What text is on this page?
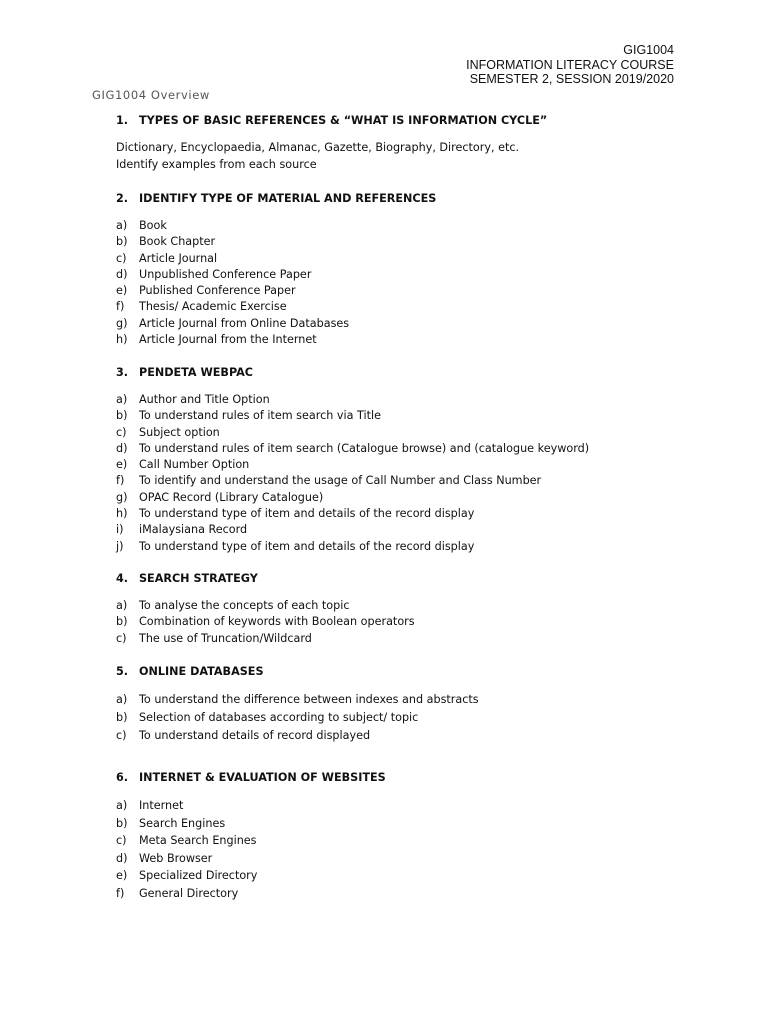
GIG1004
INFORMATION LITERACY COURSE
SEMESTER 2, SESSION 2019/2020
GIG1004 Overview
1. TYPES OF BASIC REFERENCES & “WHAT IS INFORMATION CYCLE”
Dictionary, Encyclopaedia, Almanac, Gazette, Biography, Directory, etc.
Identify examples from each source
2. IDENTIFY TYPE OF MATERIAL AND REFERENCES
a)	Book
b)	Book Chapter
c)	Article Journal
d)	Unpublished Conference Paper
e)	Published Conference Paper
f)	Thesis/ Academic Exercise
g)	Article Journal from Online Databases
h)	Article Journal from the Internet
3. PENDETA WEBPAC
a)	Author and Title Option
b)	To understand rules of item search via Title
c)	Subject option
d)	To understand rules of item search (Catalogue browse) and (catalogue keyword)
e)	Call Number Option
f)	To identify and understand the usage of Call Number and Class Number
g)	OPAC Record (Library Catalogue)
h)	To understand type of item and details of the record display
i)	iMalaysiana Record
j)	To understand type of item and details of the record display
4. SEARCH STRATEGY
a)	To analyse the concepts of each topic
b)	Combination of keywords with Boolean operators
c)	The use of Truncation/Wildcard
5. ONLINE DATABASES
a)	To understand the difference between indexes and abstracts
b)	Selection of databases according to subject/ topic
c)	To understand details of record displayed
6. INTERNET & EVALUATION OF WEBSITES
a)	Internet
b)	Search Engines
c)	Meta Search Engines
d)	Web Browser
e)	Specialized Directory
f)	General Directory
